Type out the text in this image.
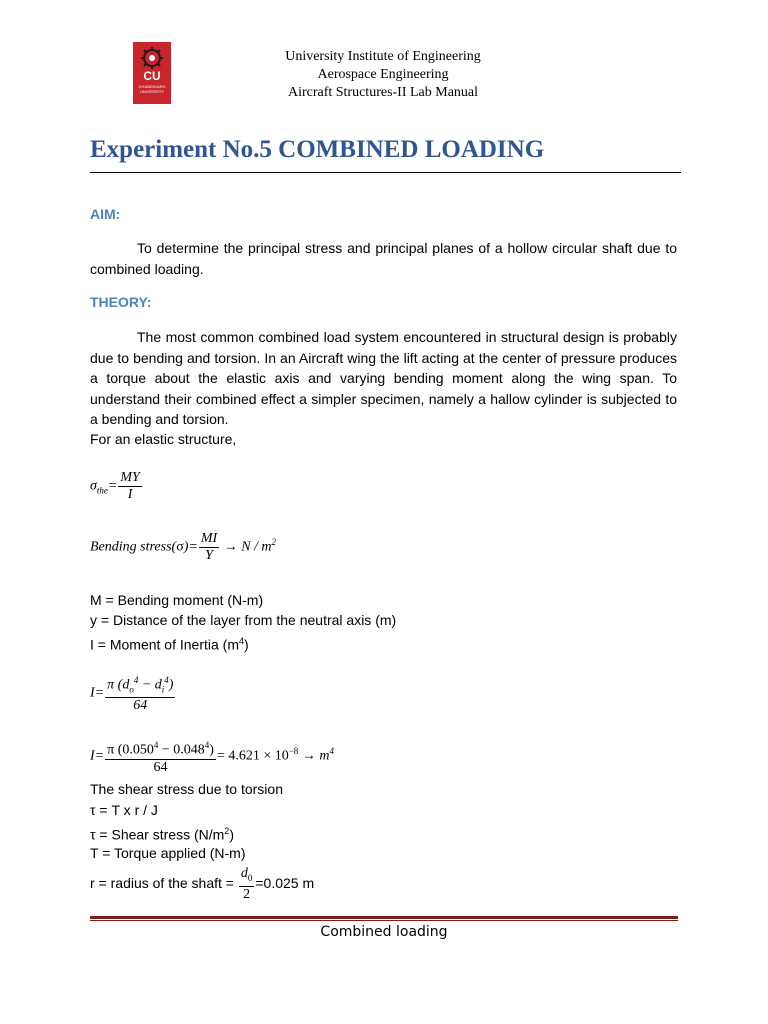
CU
CHANDIGARH UNIVERSITY
University Institute of Engineering
Aerospace Engineering
Aircraft Structures-II Lab Manual
Experiment No.5 COMBINED LOADING
AIM:
To determine the principal stress and principal planes of a hollow circular shaft due to combined loading.
THEORY:
The most common combined load system encountered in structural design is probably due to bending and torsion. In an Aircraft wing the lift acting at the center of pressure produces a torque about the elastic axis and varying bending moment along the wing span. To understand their combined effect a simpler specimen, namely a hallow cylinder is subjected to a bending and torsion.
For an elastic structure,
$\sigma_{the}= \frac{MY}{I}$
Bending stress(σ)= $\frac{MI}{Y} \to N / m^2$
M = Bending moment (N-m)
y = Distance of the layer from the neutral axis (m)
I = Moment of Inertia $(m^4)$
$I= \frac{\pi (d_o^4 - d_i^4)}{64}$
$I= \frac{\pi (0.050^4 - 0.048^4)}{64} = 4.621 \times 10^{-8} \to m^4$
The shear stress due to torsion
τ = T x r / J
τ = Shear stress $(N/m^2)$
T = Torque applied (N-m)
r = radius of the shaft = $\frac{d_0}{2} =0.025$ m
Combined loading
